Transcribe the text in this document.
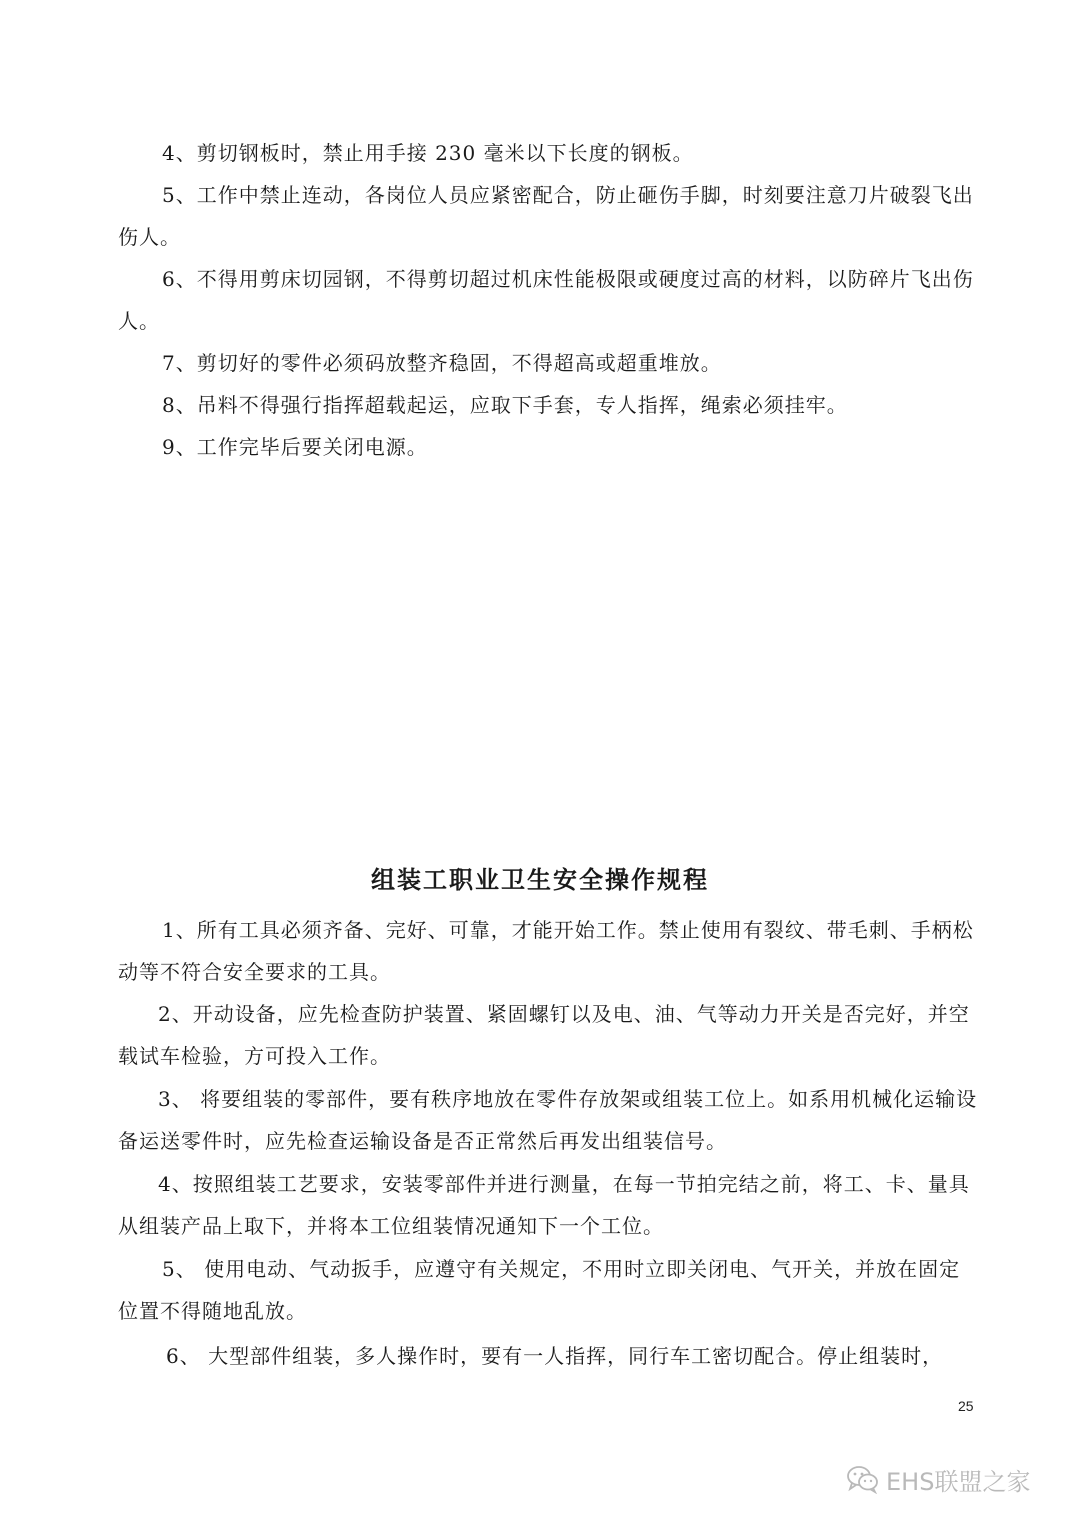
4、剪切钢板时，禁止用手接 230 毫米以下长度的钢板。

5、工作中禁止连动，各岗位人员应紧密配合，防止砸伤手脚，时刻要注意刀片破裂飞出伤人。

6、不得用剪床切园钢，不得剪切超过机床性能极限或硬度过高的材料，以防碎片飞出伤人。

7、剪切好的零件必须码放整齐稳固，不得超高或超重堆放。

8、吊料不得强行指挥超载起运，应取下手套，专人指挥，绳索必须挂牢。

9、工作完毕后要关闭电源。

组装工职业卫生安全操作规程

1、所有工具必须齐备、完好、可靠，才能开始工作。禁止使用有裂纹、带毛刺、手柄松动等不符合安全要求的工具。

2、开动设备，应先检查防护装置、紧固螺钉以及电、油、气等动力开关是否完好，并空载试车检验，方可投入工作。

3、 将要组装的零部件，要有秩序地放在零件存放架或组装工位上。如系用机械化运输设备运送零件时，应先检查运输设备是否正常然后再发出组装信号。

4、按照组装工艺要求，安装零部件并进行测量，在每一节拍完结之前，将工、卡、量具从组装产品上取下，并将本工位组装情况通知下一个工位。

5、 使用电动、气动扳手，应遵守有关规定，不用时立即关闭电、气开关，并放在固定位置不得随地乱放。

6、 大型部件组装，多人操作时，要有一人指挥，同行车工密切配合。停止组装时，

25
EHS联盟之家
